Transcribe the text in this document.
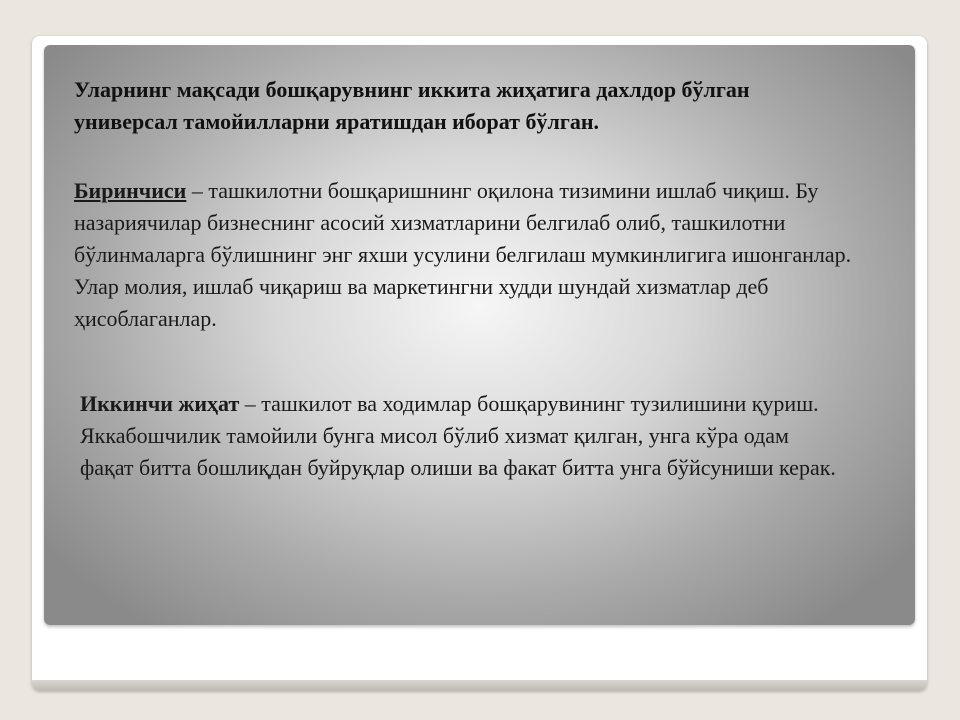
Уларнинг мақсади бошқарувнинг иккита жиҳатига дахлдор бўлган универсал тамойилларни яратишдан иборат бўлган.

Биринчиси – ташкилотни бошқаришнинг оқилона тизимини ишлаб чиқиш. Бу назариячилар бизнеснинг асосий хизматларини белгилаб олиб, ташкилотни бўлинмаларга бўлишнинг энг яхши усулини белгилаш мумкинлигига ишонганлар. Улар молия, ишлаб чиқариш ва маркетингни худди шундай хизматлар деб ҳисоблаганлар.

Иккинчи жиҳат – ташкилот ва ходимлар бошқарувининг тузилишини қуриш. Яккабошчилик тамойили бунга мисол бўлиб хизмат қилган, унга кўра одам фақат битта бошлиқдан буйруқлар олиши ва факат битта унга бўйсуниши керак.
